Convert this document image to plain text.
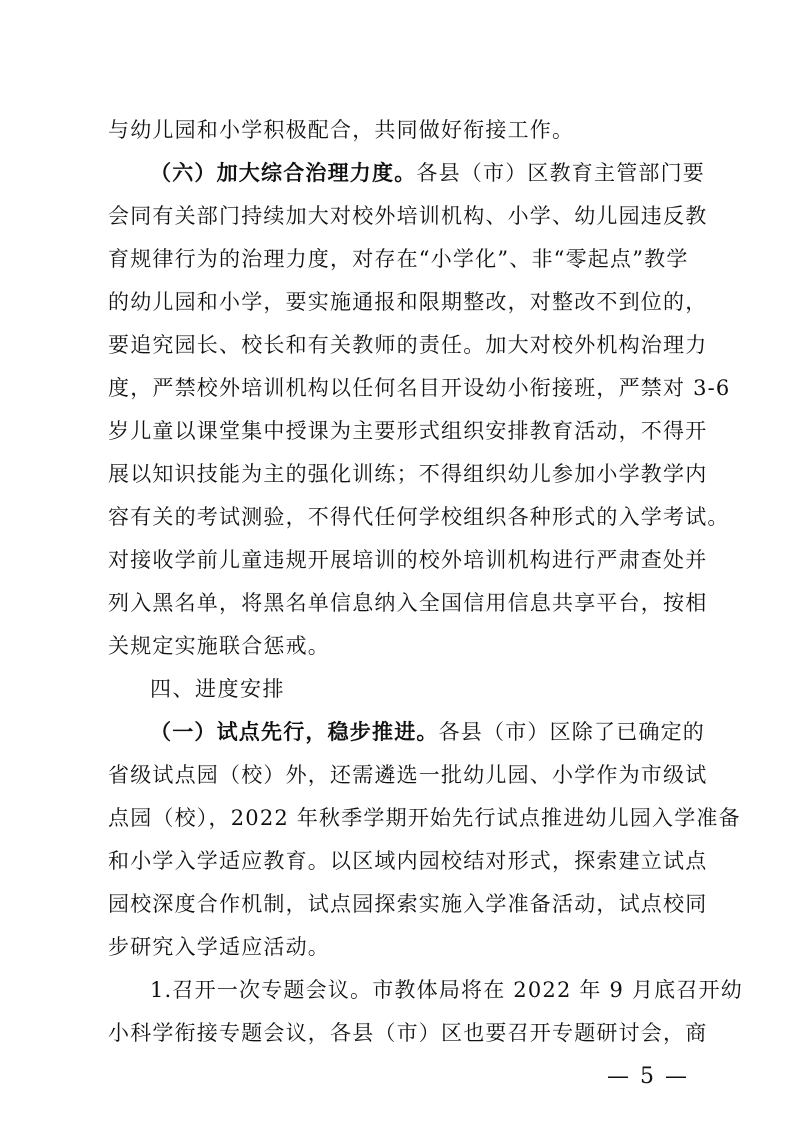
与幼儿园和小学积极配合，共同做好衔接工作。
（六）加大综合治理力度。各县（市）区教育主管部门要
会同有关部门持续加大对校外培训机构、小学、幼儿园违反教
育规律行为的治理力度，对存在“小学化”、非“零起点”教学
的幼儿园和小学，要实施通报和限期整改，对整改不到位的，
要追究园长、校长和有关教师的责任。加大对校外机构治理力
度，严禁校外培训机构以任何名目开设幼小衔接班，严禁对 3-6
岁儿童以课堂集中授课为主要形式组织安排教育活动，不得开
展以知识技能为主的强化训练；不得组织幼儿参加小学教学内
容有关的考试测验，不得代任何学校组织各种形式的入学考试。
对接收学前儿童违规开展培训的校外培训机构进行严肃查处并
列入黑名单，将黑名单信息纳入全国信用信息共享平台，按相
关规定实施联合惩戒。
四、进度安排
（一）试点先行，稳步推进。各县（市）区除了已确定的
省级试点园（校）外，还需遴选一批幼儿园、小学作为市级试
点园（校），2022 年秋季学期开始先行试点推进幼儿园入学准备
和小学入学适应教育。以区域内园校结对形式，探索建立试点
园校深度合作机制，试点园探索实施入学准备活动，试点校同
步研究入学适应活动。
1.召开一次专题会议。市教体局将在 2022 年 9 月底召开幼
小科学衔接专题会议，各县（市）区也要召开专题研讨会，商
— 5 —
